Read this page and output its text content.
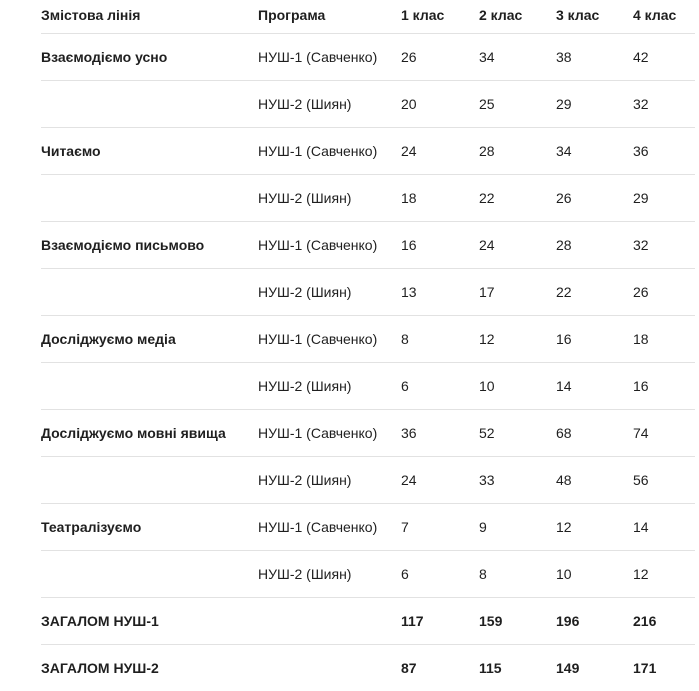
Змістова лінія	Програма	1 клас	2 клас	3 клас	4 клас
Взаємодіємо усно	НУШ-1 (Савченко)	26	34	38	42
	НУШ-2 (Шиян)	20	25	29	32
Читаємо	НУШ-1 (Савченко)	24	28	34	36
	НУШ-2 (Шиян)	18	22	26	29
Взаємодіємо письмово	НУШ-1 (Савченко)	16	24	28	32
	НУШ-2 (Шиян)	13	17	22	26
Досліджуємо медіа	НУШ-1 (Савченко)	8	12	16	18
	НУШ-2 (Шиян)	6	10	14	16
Досліджуємо мовні явища	НУШ-1 (Савченко)	36	52	68	74
	НУШ-2 (Шиян)	24	33	48	56
Театралізуємо	НУШ-1 (Савченко)	7	9	12	14
	НУШ-2 (Шиян)	6	8	10	12
ЗАГАЛОМ НУШ-1		117	159	196	216
ЗАГАЛОМ НУШ-2		87	115	149	171
